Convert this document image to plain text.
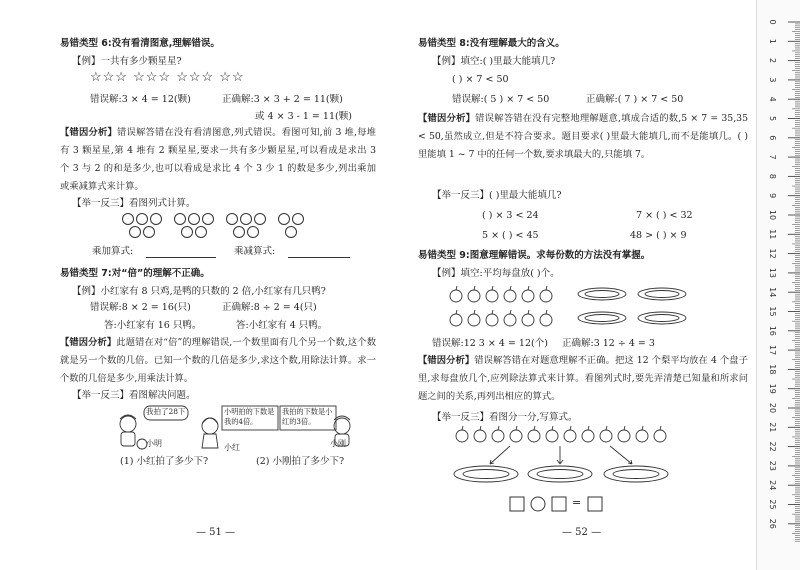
易错类型 6:没有看清图意,理解错误。
【例】一共有多少颗星星?
☆☆☆ ☆☆☆ ☆☆☆ ☆☆
错误解:3 × 4 = 12(颗)	正确解:3 × 3 + 2 = 11(颗)
或 4 × 3 - 1 = 11(颗)
【错因分析】错误解答错在没有看清图意,列式错误。看图可知,前 3 堆,每堆有 3 颗星星,第 4 堆有 2 颗星星,要求一共有多少颗星星,可以看成是求出 3 个 3 与 2 的和是多少,也可以看成是求比 4 个 3 少 1 的数是多少,列出乘加或乘减算式来计算。
【举一反三】看图列式计算。
乘加算式:	乘减算式:
易错类型 7:对“倍”的理解不正确。
【例】小红家有 8 只鸡,是鸭的只数的 2 倍,小红家有几只鸭?
错误解:8 × 2 = 16(只)	正确解:8 ÷ 2 = 4(只)
答:小红家有 16 只鸭。	答:小红家有 4 只鸭。
【错因分析】此题错在对“倍”的理解错误,一个数里面有几个另一个数,这个数就是另一个数的几倍。已知一个数的几倍是多少,求这个数,用除法计算。求一个数的几倍是多少,用乘法计算。
【举一反三】看图解决问题。
我拍了28下	小明拍的下数是我的4倍。
我拍的下数是小红的3倍。
小明	小红	小刚
(1) 小红拍了多少下?	(2) 小刚拍了多少下?
— 51 —
易错类型 8:没有理解最大的含义。
【例】填空:( )里最大能填几?
( ) × 7 < 50
错误解:( 5 ) × 7 < 50	正确解:( 7 ) × 7 < 50
【错因分析】错误解答错在没有完整地理解题意,填成合适的数,5 × 7 = 35,35 < 50,虽然成立,但是不符合要求。题目要求( )里最大能填几,而不是能填几。( )里能填 1 ~ 7 中的任何一个数,要求填最大的,只能填 7。
【举一反三】( )里最大能填几?
( ) × 3 < 24	7 × ( ) < 32
5 × ( ) < 45	48 > ( ) × 9
易错类型 9:图意理解错误。求每份数的方法没有掌握。
【例】填空:平均每盘放( )个。
错误解:12 3 × 4 = 12(个) 正确解:3 12 ÷ 4 = 3
【错因分析】错误解答错在对题意理解不正确。把这 12 个梨平均放在 4 个盘子里,求每盘放几个,应列除法算式来计算。看图列式时,要先弄清楚已知量和所求问题之间的关系,再列出相应的算式。
【举一反三】看图分一分,写算式。
=
— 52 —
0
1
2
3
4
5
6
7
8
9
10
11
12
13
14
15
16
17
18
19
20
21
22
23
24
25
26
